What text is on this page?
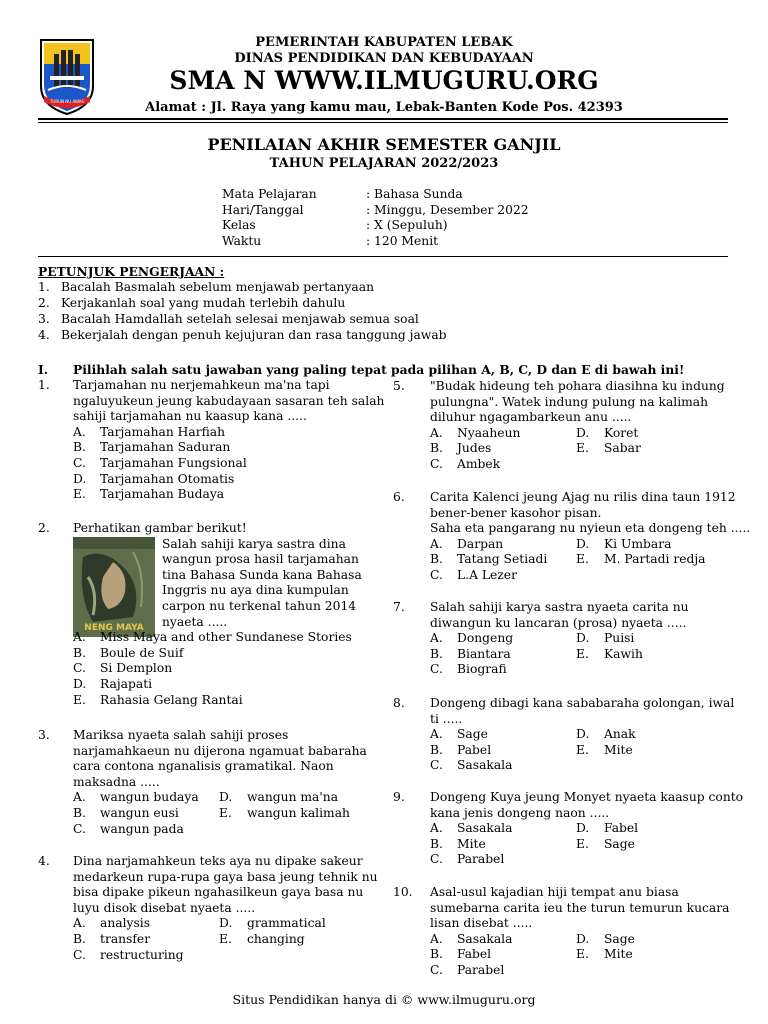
TURUN NU AWAS
PEMERINTAH KABUPATEN LEBAK
DINAS PENDIDIKAN DAN KEBUDAYAAN
SMA N WWW.ILMUGURU.ORG
Alamat : Jl. Raya yang kamu mau, Lebak-Banten Kode Pos. 42393
PENILAIAN AKHIR SEMESTER GANJIL
TAHUN PELAJARAN 2022/2023
Mata Pelajaran	: Bahasa Sunda
Hari/Tanggal	: Minggu, Desember 2022
Kelas	: X (Sepuluh)
Waktu	: 120 Menit
PETUNJUK PENGERJAAN :
1. Bacalah Basmalah sebelum menjawab pertanyaan
2. Kerjakanlah soal yang mudah terlebih dahulu
3. Bacalah Hamdallah setelah selesai menjawab semua soal
4. Bekerjalah dengan penuh kejujuran dan rasa tanggung jawab
I. Pilihlah salah satu jawaban yang paling tepat pada pilihan A, B, C, D dan E di bawah ini!
NENG MAYA
1. Tarjamahan nu nerjemahkeun ma'na tapi
ngaluyukeun jeung kabudayaan sasaran teh salah
sahiji tarjamahan nu kaasup kana .....
A. Tarjamahan Harfiah
B. Tarjamahan Saduran
C. Tarjamahan Fungsional
D. Tarjamahan Otomatis
E. Tarjamahan Budaya
2. Perhatikan gambar berikut!
Salah sahiji karya sastra dina
wangun prosa hasil tarjamahan
tina Bahasa Sunda kana Bahasa
Inggris nu aya dina kumpulan
carpon nu terkenal tahun 2014
nyaeta .....
A. Miss Maya and other Sundanese Stories
B. Boule de Suif
C. Si Demplon
D. Rajapati
E. Rahasia Gelang Rantai
3. Mariksa nyaeta salah sahiji proses
narjamahkaeun nu dijerona ngamuat babaraha
cara contona nganalisis gramatikal. Naon
maksadna .....
A. wangun budaya D. wangun ma'na
B. wangun eusi	E. wangun kalimah
C. wangun pada
4. Dina narjamahkeun teks aya nu dipake sakeur
medarkeun rupa-rupa gaya basa jeung tehnik nu
bisa dipake pikeun ngahasilkeun gaya basa nu
luyu disok disebat nyaeta .....
A. analysis	D. grammatical
B. transfer	E. changing
C. restructuring
5. "Budak hideung teh pohara diasihna ku indung
pulungna". Watek indung pulung na kalimah
diluhur ngagambarkeun anu .....
A. Nyaaheun	D. Koret
B. Judes	E. Sabar
C. Ambek
6. Carita Kalenci jeung Ajag nu rilis dina taun 1912
bener-bener kasohor pisan.
Saha eta pangarang nu nyieun eta dongeng teh .....
A. Darpan	D. Ki Umbara
B. Tatang Setiadi E. M. Partadi redja
C. L.A Lezer
7. Salah sahiji karya sastra nyaeta carita nu
diwangun ku lancaran (prosa) nyaeta .....
A. Dongeng	D. Puisi
B. Biantara	E. Kawih
C. Biografi
8. Dongeng dibagi kana sababaraha golongan, iwal
ti .....
A. Sage	D. Anak
B. Pabel	E. Mite
C. Sasakala
9. Dongeng Kuya jeung Monyet nyaeta kaasup conto
kana jenis dongeng naon .....
A. Sasakala	D. Fabel
B. Mite	E. Sage
C. Parabel
10. Asal-usul kajadian hiji tempat anu biasa
sumebarna carita ieu the turun temurun kucara
lisan disebat .....
A. Sasakala	D. Sage
B. Fabel	E. Mite
C. Parabel
Situs Pendidikan hanya di © www.ilmuguru.org
